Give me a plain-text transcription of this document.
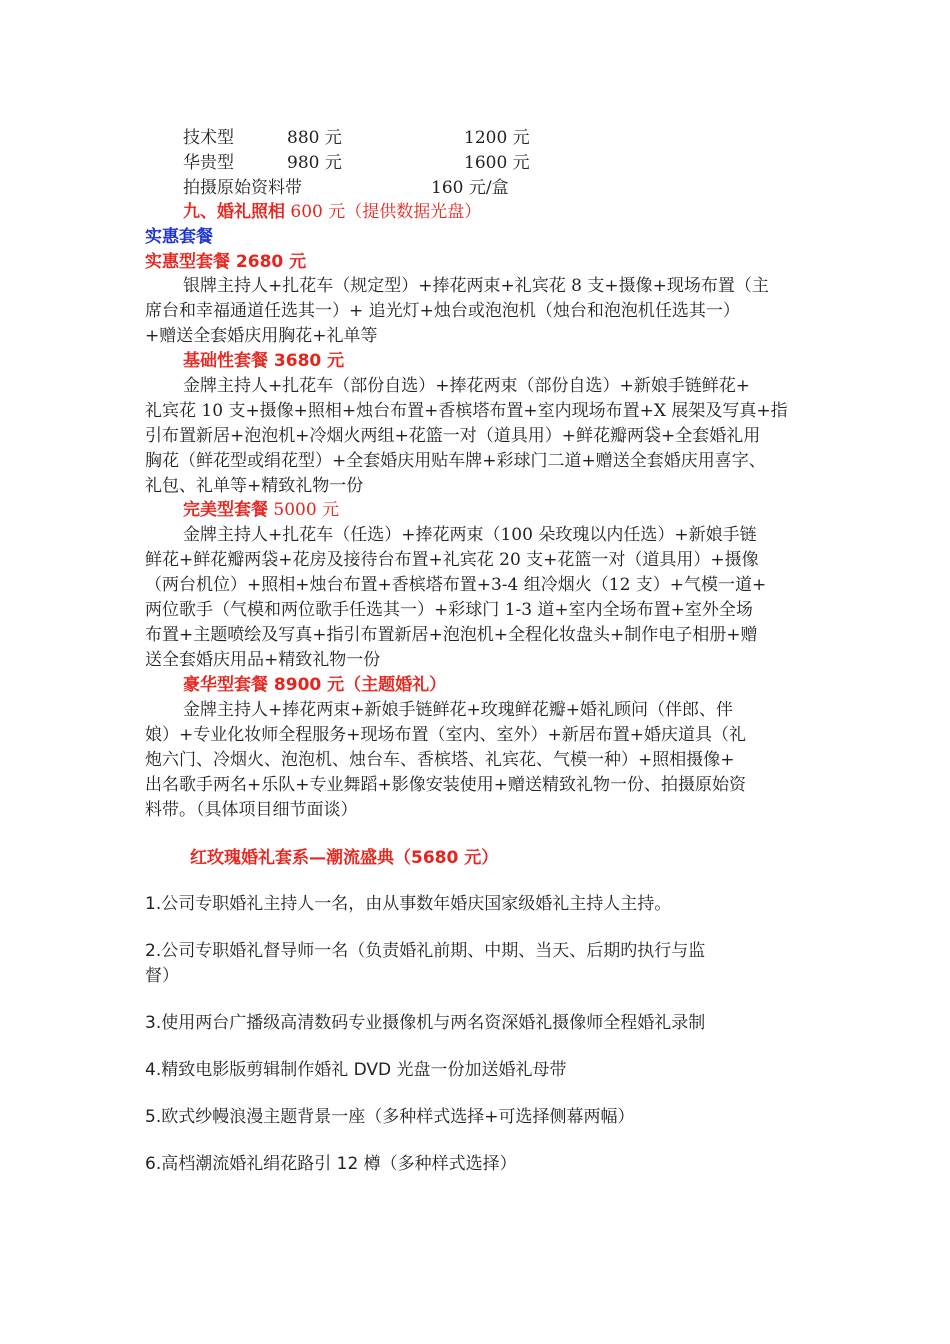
技术型	880 元	1200 元
华贵型	980 元	1600 元
拍摄原始资料带	160 元/盒
九、婚礼照相 600 元（提供数据光盘）
实惠套餐
实惠型套餐 2680 元
银牌主持人+扎花车（规定型）+捧花两束+礼宾花 8 支+摄像+现场布置（主
席台和幸福通道任选其一）+ 追光灯+烛台或泡泡机（烛台和泡泡机任选其一）
+赠送全套婚庆用胸花+礼单等
基础性套餐 3680 元
金牌主持人+扎花车（部份自选）+捧花两束（部份自选）+新娘手链鲜花+
礼宾花 10 支+摄像+照相+烛台布置+香槟塔布置+室内现场布置+X 展架及写真+指
引布置新居+泡泡机+冷烟火两组+花篮一对（道具用）+鲜花瓣两袋+全套婚礼用
胸花（鲜花型或绢花型）+全套婚庆用贴车牌+彩球门二道+赠送全套婚庆用喜字、
礼包、礼单等+精致礼物一份
完美型套餐 5000 元
金牌主持人+扎花车（任选）+捧花两束（100 朵玫瑰以内任选）+新娘手链
鲜花+鲜花瓣两袋+花房及接待台布置+礼宾花 20 支+花篮一对（道具用）+摄像
（两台机位）+照相+烛台布置+香槟塔布置+3-4 组冷烟火（12 支）+气模一道+
两位歌手（气模和两位歌手任选其一）+彩球门 1-3 道+室内全场布置+室外全场
布置+主题喷绘及写真+指引布置新居+泡泡机+全程化妆盘头+制作电子相册+赠
送全套婚庆用品+精致礼物一份
豪华型套餐 8900 元（主题婚礼）
金牌主持人+捧花两束+新娘手链鲜花+玫瑰鲜花瓣+婚礼顾问（伴郎、伴
娘）+专业化妆师全程服务+现场布置（室内、室外）+新居布置+婚庆道具（礼
炮六门、冷烟火、泡泡机、烛台车、香槟塔、礼宾花、气模一种）+照相摄像+
出名歌手两名+乐队+专业舞蹈+影像安装使用+赠送精致礼物一份、拍摄原始资
料带。（具体项目细节面谈）
红玫瑰婚礼套系—潮流盛典（5680 元）
1.公司专职婚礼主持人一名，由从事数年婚庆国家级婚礼主持人主持。
2.公司专职婚礼督导师一名（负责婚礼前期、中期、当天、后期旳执行与监
督）
3.使用两台广播级高清数码专业摄像机与两名资深婚礼摄像师全程婚礼录制
4.精致电影版剪辑制作婚礼 DVD 光盘一份加送婚礼母带
5.欧式纱幔浪漫主题背景一座（多种样式选择+可选择侧幕两幅）
6.高档潮流婚礼绢花路引 12 樽（多种样式选择）
